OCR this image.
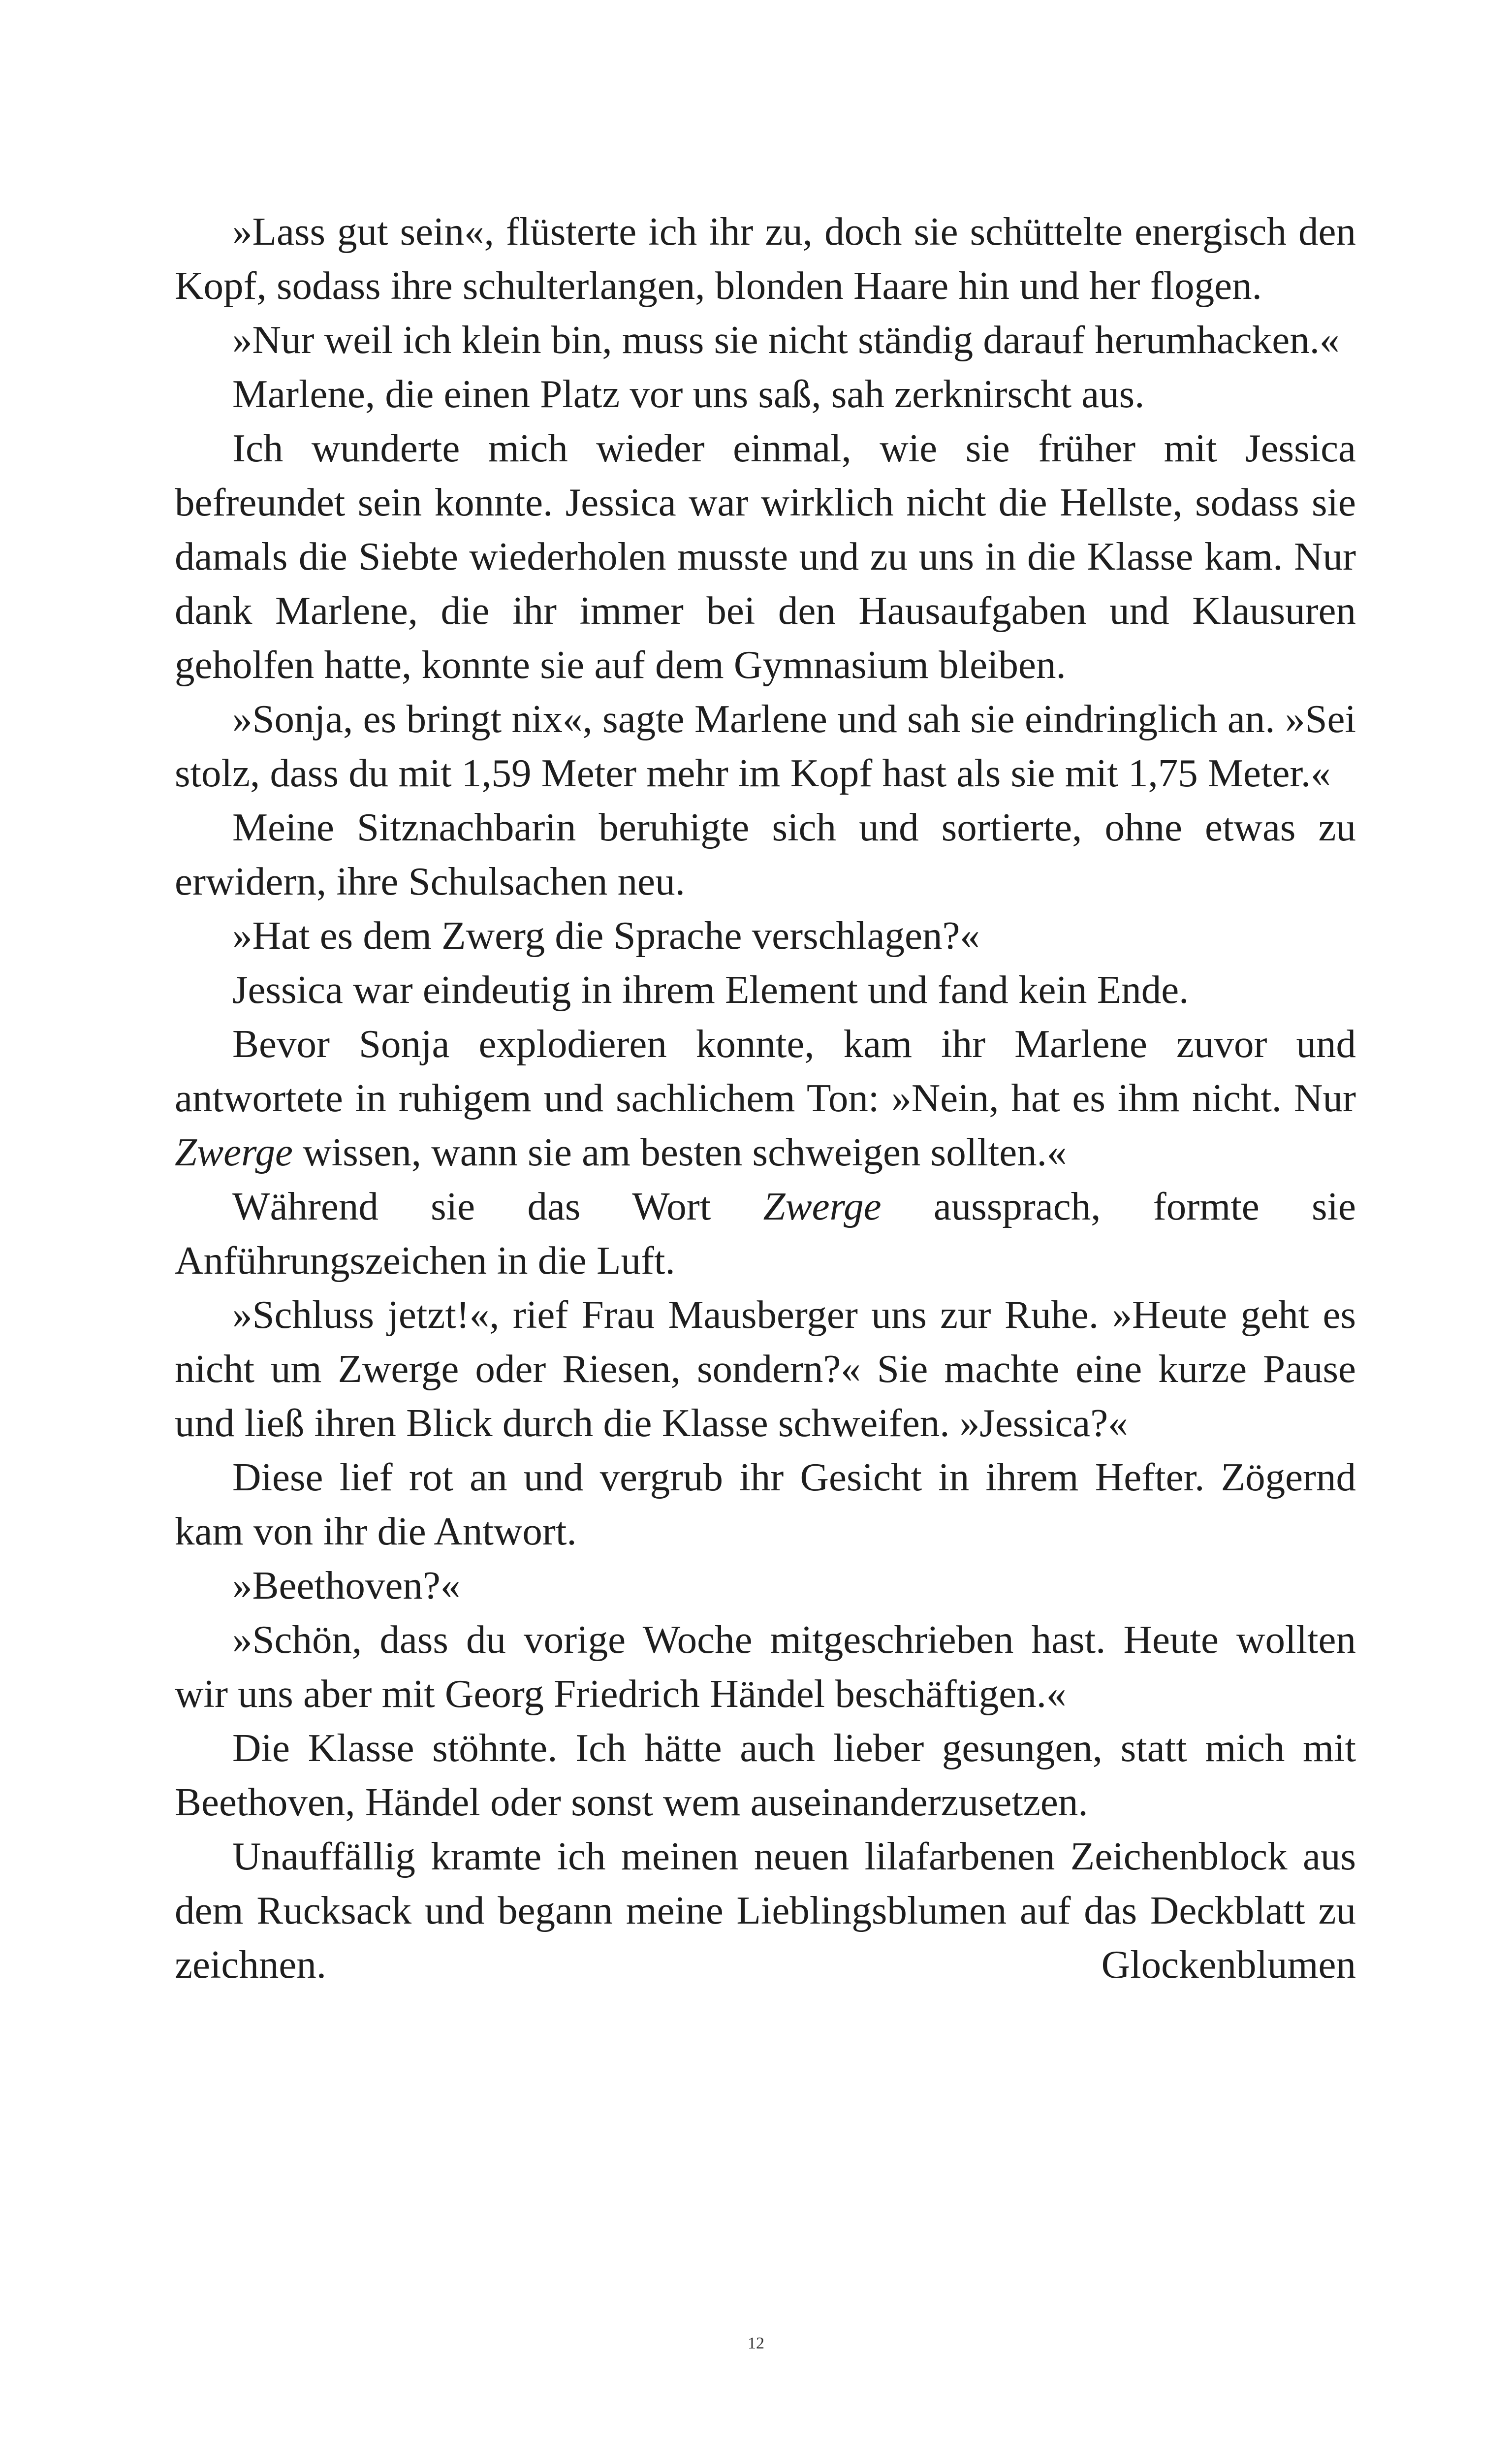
»Lass gut sein«, flüsterte ich ihr zu, doch sie schüttelte energisch den Kopf, sodass ihre schulterlangen, blonden Haare hin und her flogen.

»Nur weil ich klein bin, muss sie nicht ständig darauf herumhacken.«

Marlene, die einen Platz vor uns saß, sah zerknirscht aus.

Ich wunderte mich wieder einmal, wie sie früher mit Jessica befreundet sein konnte. Jessica war wirklich nicht die Hellste, sodass sie damals die Siebte wiederholen musste und zu uns in die Klasse kam. Nur dank Marlene, die ihr immer bei den Hausaufgaben und Klausuren geholfen hatte, konnte sie auf dem Gymnasium bleiben.

»Sonja, es bringt nix«, sagte Marlene und sah sie eindringlich an. »Sei stolz, dass du mit 1,59 Meter mehr im Kopf hast als sie mit 1,75 Meter.«

Meine Sitznachbarin beruhigte sich und sortierte, ohne etwas zu erwidern, ihre Schulsachen neu.

»Hat es dem Zwerg die Sprache verschlagen?«

Jessica war eindeutig in ihrem Element und fand kein Ende.

Bevor Sonja explodieren konnte, kam ihr Marlene zuvor und antwortete in ruhigem und sachlichem Ton: »Nein, hat es ihm nicht. Nur Zwerge wissen, wann sie am besten schweigen sollten.«

Während sie das Wort Zwerge aussprach, formte sie Anführungszeichen in die Luft.

»Schluss jetzt!«, rief Frau Mausberger uns zur Ruhe. »Heute geht es nicht um Zwerge oder Riesen, sondern?« Sie machte eine kurze Pause und ließ ihren Blick durch die Klasse schweifen. »Jessica?«

Diese lief rot an und vergrub ihr Gesicht in ihrem Hefter. Zögernd kam von ihr die Antwort.

»Beethoven?«

»Schön, dass du vorige Woche mitgeschrieben hast. Heute wollten wir uns aber mit Georg Friedrich Händel beschäftigen.«

Die Klasse stöhnte. Ich hätte auch lieber gesungen, statt mich mit Beethoven, Händel oder sonst wem auseinanderzusetzen.

Unauffällig kramte ich meinen neuen lilafarbenen Zeichenblock aus dem Rucksack und begann meine Lieblingsblumen auf das Deckblatt zu zeichnen. Glockenblumen

12
